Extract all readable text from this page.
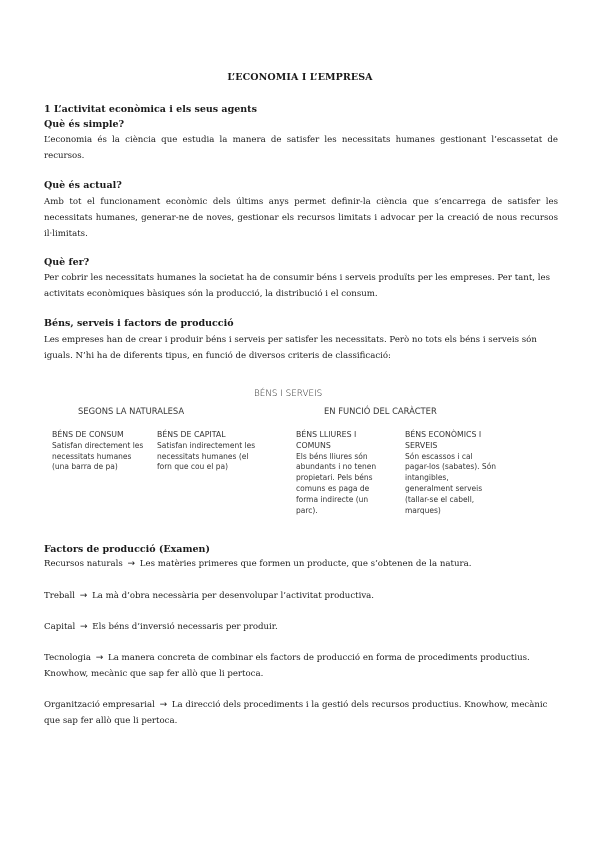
L’ECONOMIA I L’EMPRESA
1 L’activitat econòmica i els seus agents
Què és simple?

L’economia és la ciència que estudia la manera de satisfer les necessitats humanes gestionant l’escassetat de recursos.

Què és actual?

Amb tot el funcionament econòmic dels últims anys permet definir-la ciència que s’encarrega de satisfer les necessitats humanes, generar-ne de noves, gestionar els recursos limitats i advocar per la creació de nous recursos il·limitats.

Què fer?

Per cobrir les necessitats humanes la societat ha de consumir béns i serveis produïts per les empreses. Per tant, les activitats econòmiques bàsiques són la producció, la distribució i el consum.

Béns, serveis i factors de producció

Les empreses han de crear i produir béns i serveis per satisfer les necessitats. Però no tots els béns i serveis són iguals. N’hi ha de diferents tipus, en funció de diversos criteris de classificació:

BÉNS I SERVEIS
SEGONS LA NATURALESA	EN FUNCIÓ DEL CARÀCTER
BÉNS DE CONSUM
Satisfan directement les necessitats humanes (una barra de pa)
BÉNS DE CAPITAL
Satisfan indirectement les necessitats humanes (el forn que cou el pa)
BÉNS LLIURES I COMUNS
Els béns lliures són abundants i no tenen propietari. Pels béns comuns es paga de forma indirecte (un parc).
BÉNS ECONÒMICS I SERVEIS
Són escassos i cal pagar-los (sabates). Són intangibles, generalment serveis (tallar-se el cabell, marques)
Factors de producció (Examen)

Recursos naturals → Les matèries primeres que formen un producte, que s’obtenen de la natura.

Treball → La mà d’obra necessària per desenvolupar l’activitat productiva.

Capital → Els béns d’inversió necessaris per produir.

Tecnologia → La manera concreta de combinar els factors de producció en forma de procediments productius. Knowhow, mecànic que sap fer allò que li pertoca.

Organització empresarial → La direcció dels procediments i la gestió dels recursos productius. Knowhow, mecànic que sap fer allò que li pertoca.
